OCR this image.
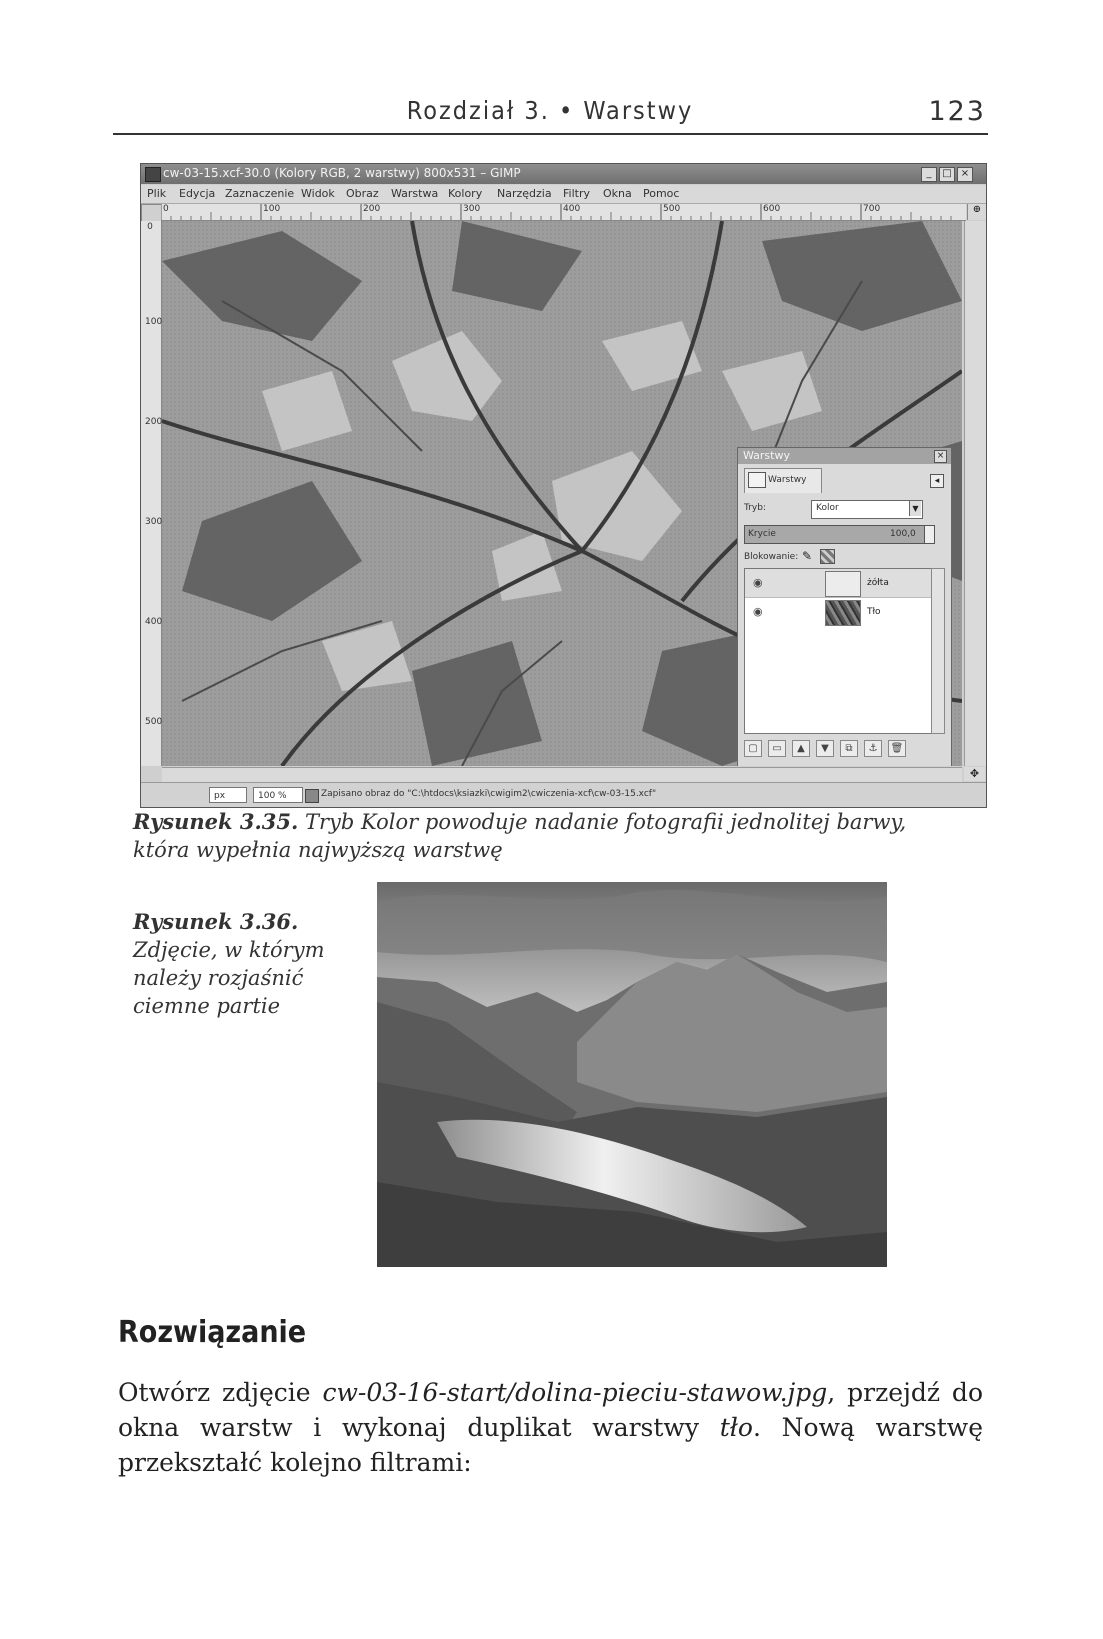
Rozdział 3. • Warstwy	123
cw-03-15.xcf-30.0 (Kolory RGB, 2 warstwy) 800x531 – GIMP	_	□ ×
Plik Edycja Zaznaczenie Widok Obraz Warstwa Kolory Narzędzia Filtry Okna Pomoc
0	100	200	300	400	500	600	700	⊕
0
100
200
300
400
500
Warstwy	×
Warstwy	◂
Tryb:	Kolor	▼
Krycie	100,0
Blokowanie: ✎
◉	żółta
◉	Tło
▢	▭	▲	▼	⧉	⚓	🗑
✥
px	100 %	Zapisano obraz do "C:\htdocs\ksiazki\cwigim2\cwiczenia-xcf\cw-03-15.xcf"
Rysunek 3.35. Tryb Kolor powoduje nadanie fotografii jednolitej barwy, która wypełnia najwyższą warstwę
Rysunek 3.36.
Zdjęcie, w którym należy rozjaśnić ciemne partie
Rozwiązanie
Otwórz zdjęcie cw-03-16-start/dolina-pieciu-stawow.jpg, przejdź do okna warstw i wykonaj duplikat warstwy tło. Nową warstwę przekształć kolejno filtrami:
